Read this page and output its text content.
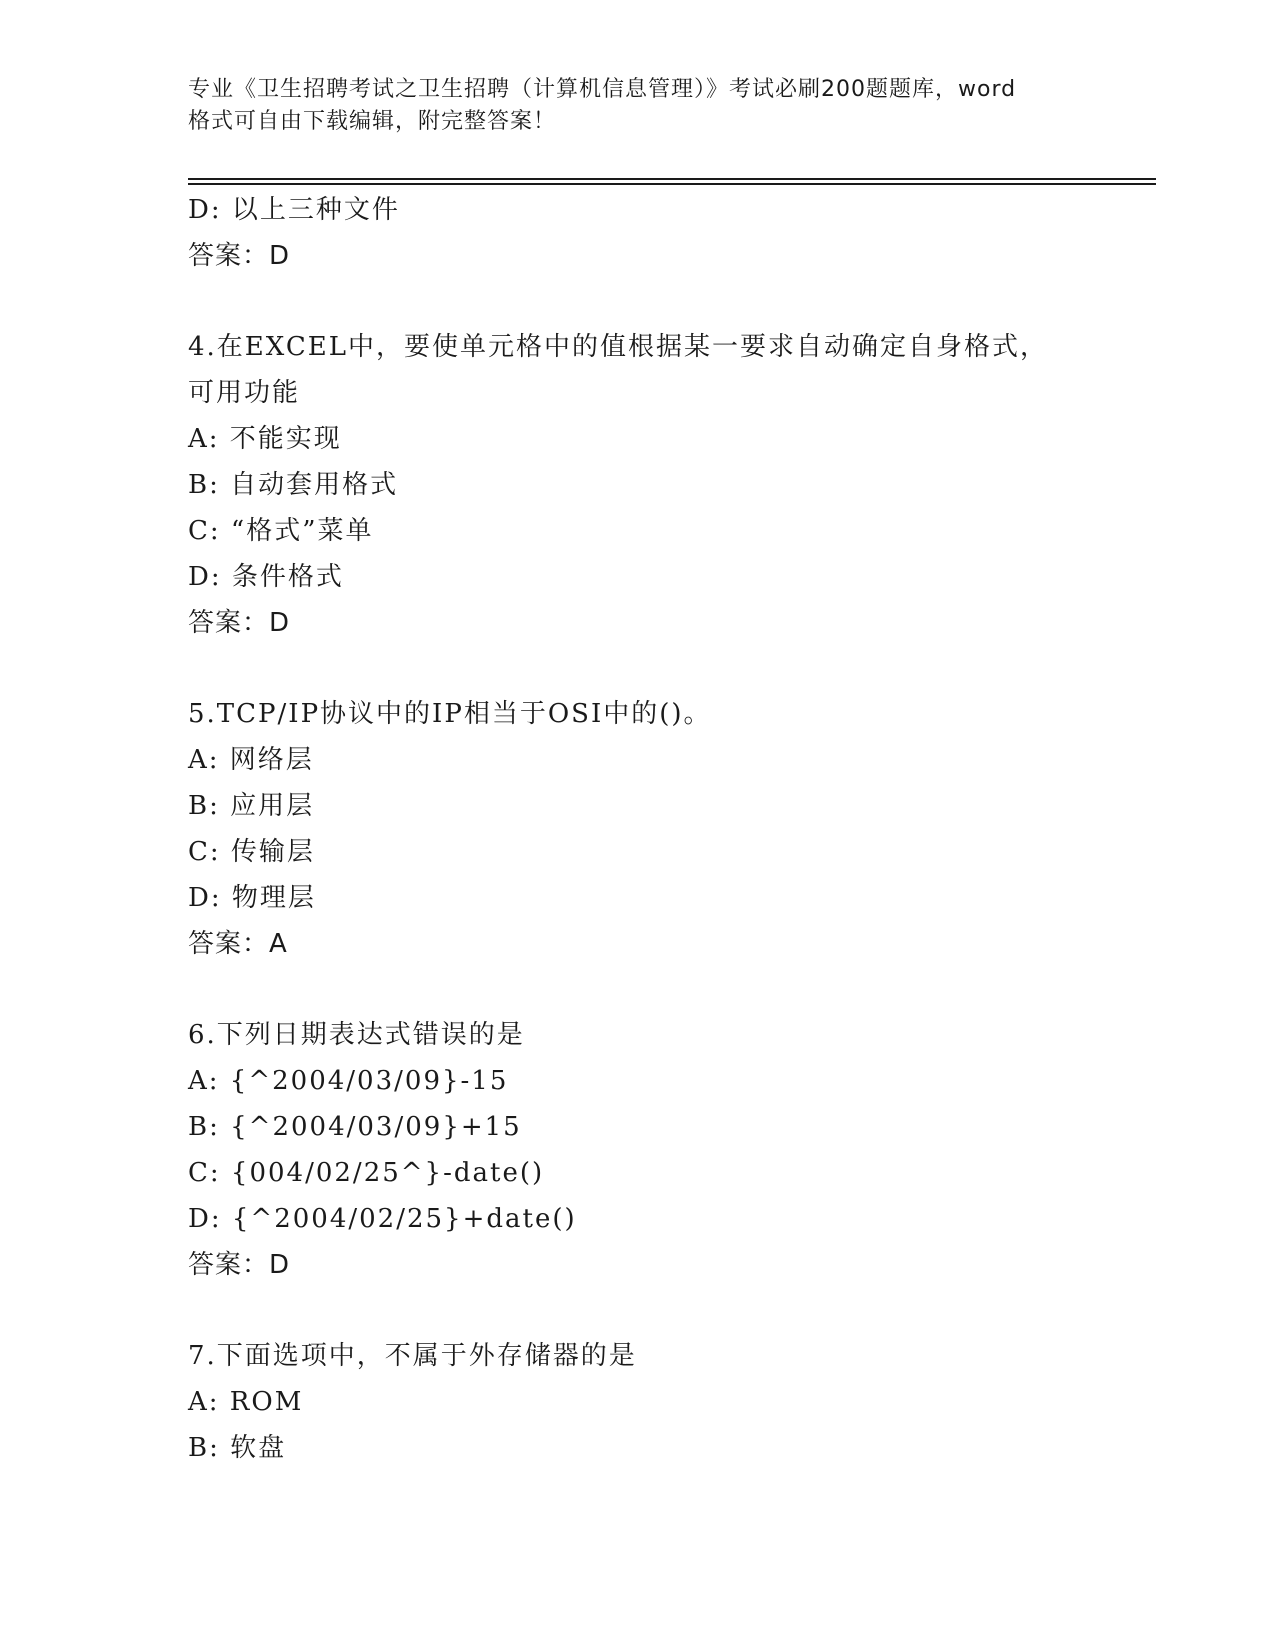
专业《卫生招聘考试之卫生招聘（计算机信息管理）》考试必刷200题题库，word
格式可自由下载编辑，附完整答案！
D: 以上三种文件
答案：D
4.在EXCEL中，要使单元格中的值根据某一要求自动确定自身格式，
可用功能
A: 不能实现
B: 自动套用格式
C: “格式”菜单
D: 条件格式
答案：D
5.TCP/IP协议中的IP相当于OSI中的()。
A: 网络层
B: 应用层
C: 传输层
D: 物理层
答案：A
6.下列日期表达式错误的是
A: {^2004/03/09}-15
B: {^2004/03/09}+15
C: {004/02/25^}-date()
D: {^2004/02/25}+date()
答案：D
7.下面选项中，不属于外存储器的是
A: ROM
B: 软盘
